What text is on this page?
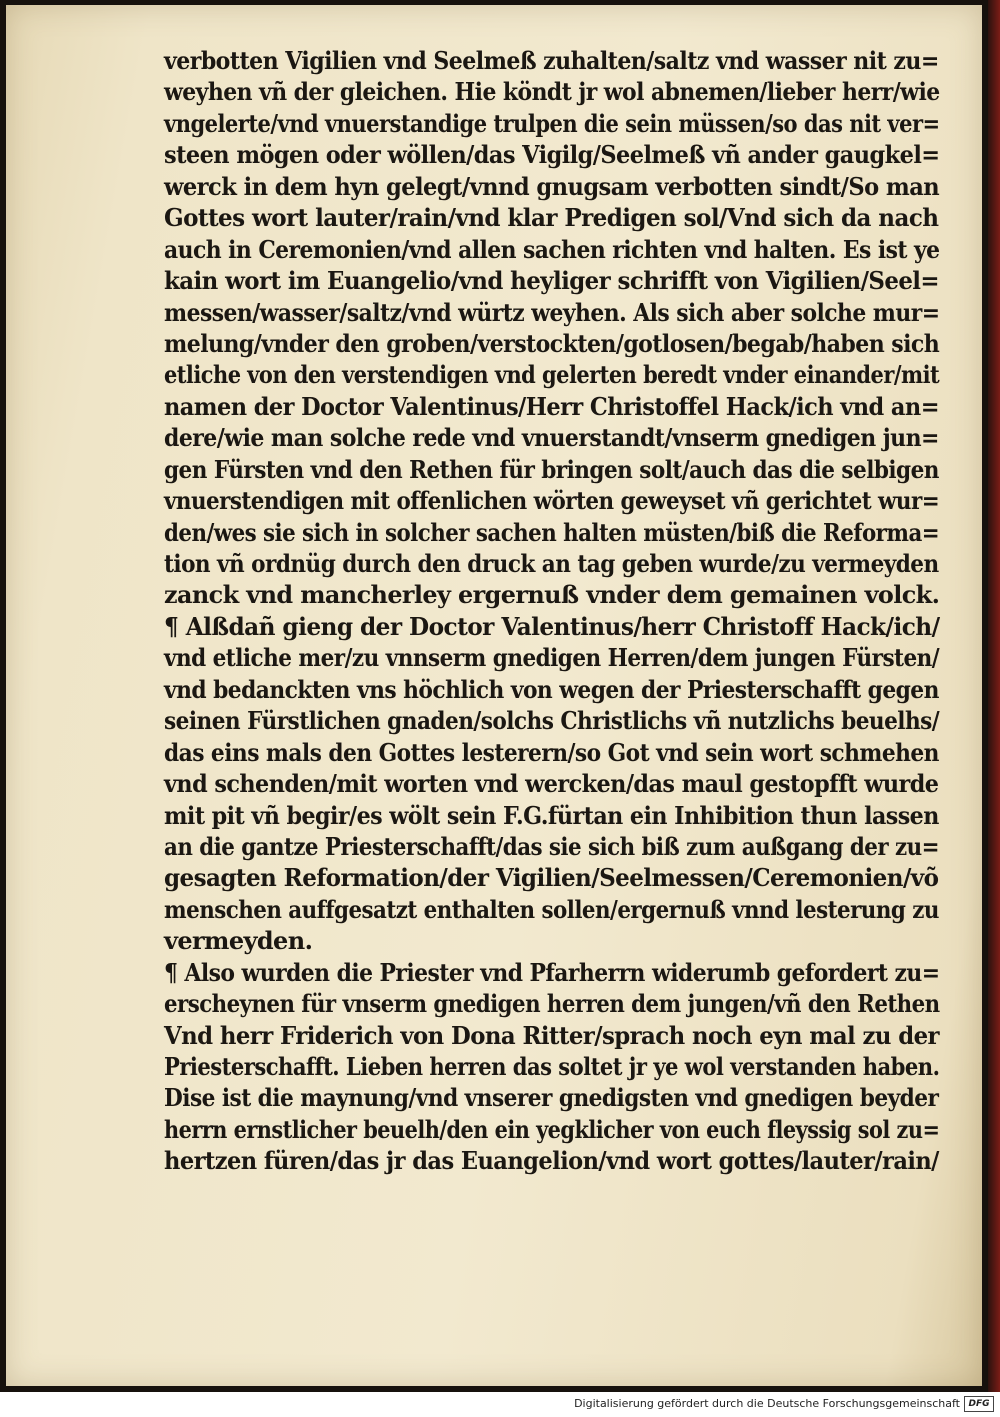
verbotten Vigilien vnd Seelmeß zuhalten/saltz vnd wasser nit zu=
weyhen vñ der gleichen. Hie köndt jr wol abnemen/lieber herr/wie
vngelerte/vnd vnuerstandige trulpen die sein müssen/so das nit ver=
steen mögen oder wöllen/das Vigilg/Seelmeß vñ ander gaugkel=
werck in dem hyn gelegt/vnnd gnugsam verbotten sindt/So man
Gottes wort lauter/rain/vnd klar Predigen sol/Vnd sich da nach
auch in Ceremonien/vnd allen sachen richten vnd halten. Es ist ye
kain wort im Euangelio/vnd heyliger schrifft von Vigilien/Seel=
messen/wasser/saltz/vnd würtz weyhen. Als sich aber solche mur=
melung/vnder den groben/verstockten/gotlosen/begab/haben sich
etliche von den verstendigen vnd gelerten beredt vnder einander/mit
namen der Doctor Valentinus/Herr Christoffel Hack/ich vnd an=
dere/wie man solche rede vnd vnuerstandt/vnserm gnedigen jun=
gen Fürsten vnd den Rethen für bringen solt/auch das die selbigen
vnuerstendigen mit offenlichen wörten geweyset vñ gerichtet wur=
den/wes sie sich in solcher sachen halten müsten/biß die Reforma=
tion vñ ordnüg durch den druck an tag geben wurde/zu vermeyden
zanck vnd mancherley ergernuß vnder dem gemainen volck.
¶ Alßdañ gieng der Doctor Valentinus/herr Christoff Hack/ich/
vnd etliche mer/zu vnnserm gnedigen Herren/dem jungen Fürsten/
vnd bedanckten vns höchlich von wegen der Priesterschafft gegen
seinen Fürstlichen gnaden/solchs Christlichs vñ nutzlichs beuelhs/
das eins mals den Gottes lesterern/so Got vnd sein wort schmehen
vnd schenden/mit worten vnd wercken/das maul gestopfft wurde
mit pit vñ begir/es wölt sein F.G.fürtan ein Inhibition thun lassen
an die gantze Priesterschafft/das sie sich biß zum außgang der zu=
gesagten Reformation/der Vigilien/Seelmessen/Ceremonien/võ
menschen auffgesatzt enthalten sollen/ergernuß vnnd lesterung zu
vermeyden.
¶ Also wurden die Priester vnd Pfarherrn widerumb gefordert zu=
erscheynen für vnserm gnedigen herren dem jungen/vñ den Rethen
Vnd herr Friderich von Dona Ritter/sprach noch eyn mal zu der
Priesterschafft. Lieben herren das soltet jr ye wol verstanden haben.
Dise ist die maynung/vnd vnserer gnedigsten vnd gnedigen beyder
herrn ernstlicher beuelh/den ein yegklicher von euch fleyssig sol zu=
hertzen füren/das jr das Euangelion/vnd wort gottes/lauter/rain/
Digitalisierung gefördert durch die Deutsche Forschungsgemeinschaft DFG
